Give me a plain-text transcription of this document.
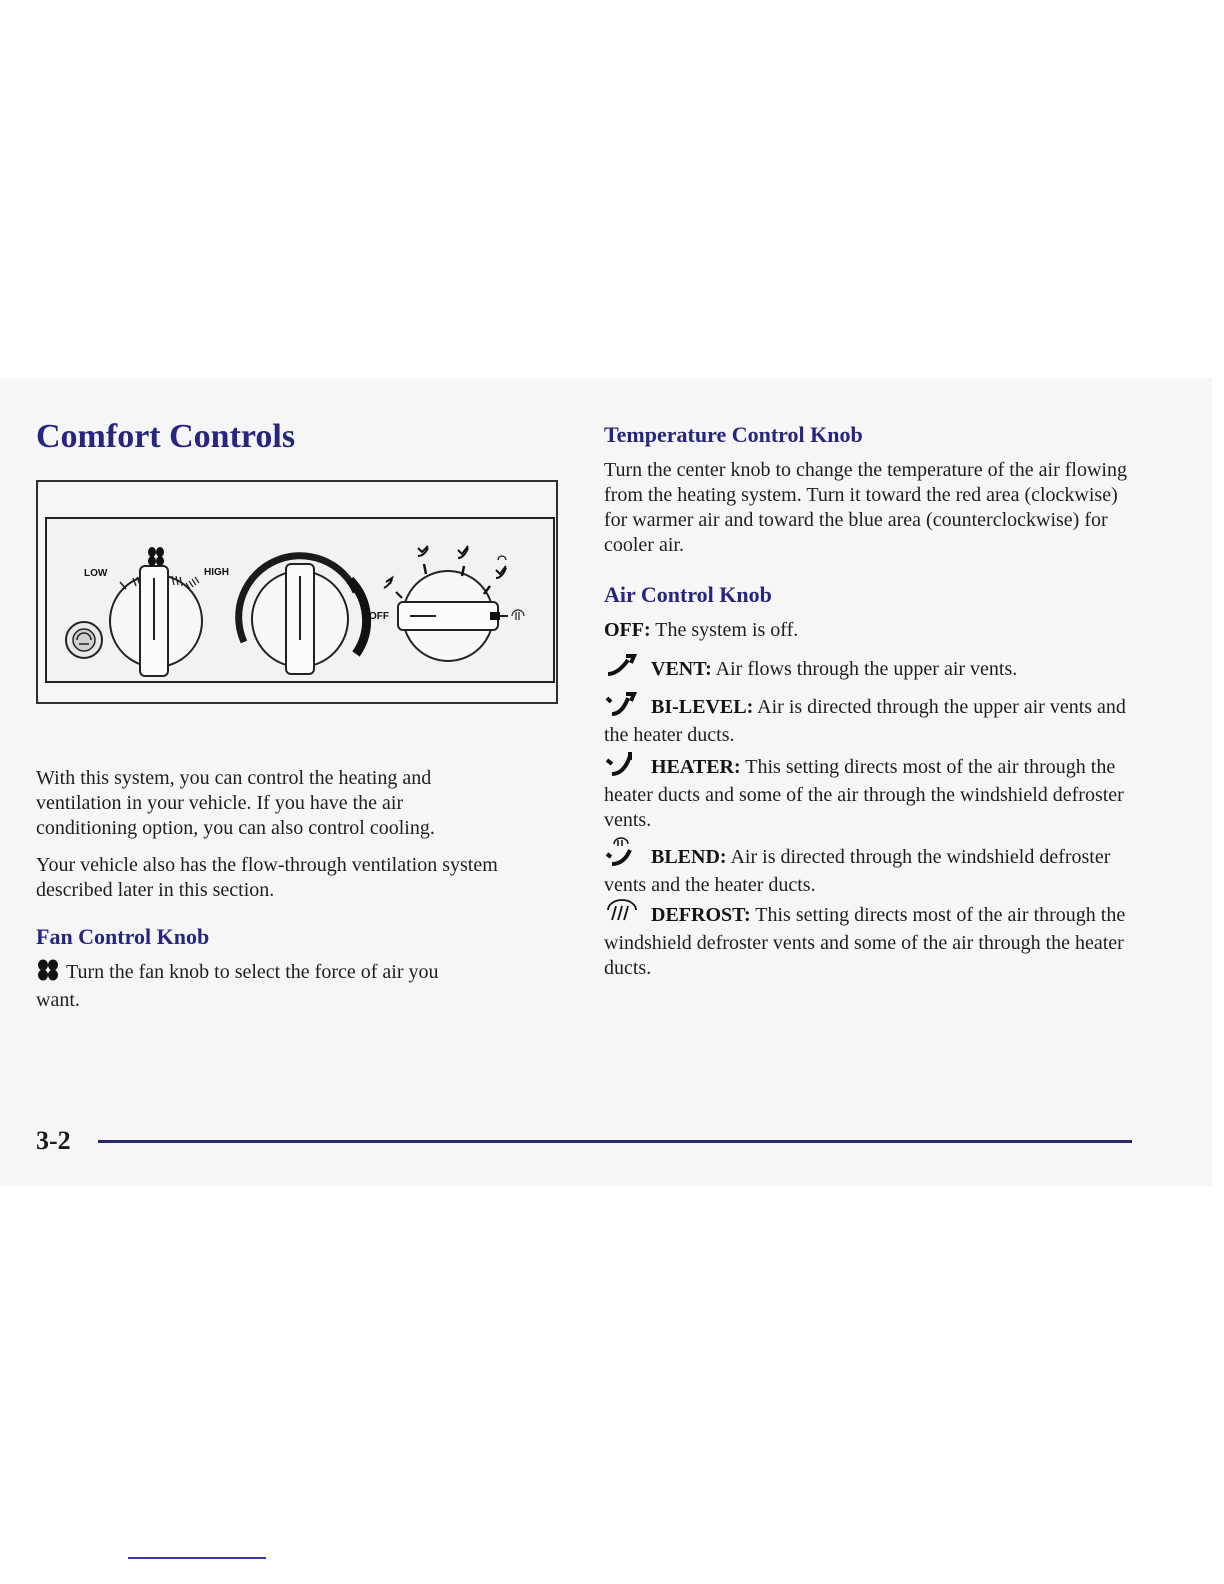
Comfort Controls
LOW	HIGH
OFF

With this system, you can control the heating and ventilation in your vehicle. If you have the air conditioning option, you can also control cooling.

Your vehicle also has the flow-through ventilation system described later in this section.

Fan Control Knob

Turn the fan knob to select the force of air you want.

Temperature Control Knob

Turn the center knob to change the temperature of the air flowing from the heating system. Turn it toward the red area (clockwise) for warmer air and toward the blue area (counterclockwise) for cooler air.

Air Control Knob

OFF: The system is off.

VENT: Air flows through the upper air vents.

BI-LEVEL: Air is directed through the upper air vents and the heater ducts.

HEATER: This setting directs most of the air through the heater ducts and some of the air through the windshield defroster vents.

BLEND: Air is directed through the windshield defroster vents and the heater ducts.

DEFROST: This setting directs most of the air through the windshield defroster vents and some of the air through the heater ducts.

3-2
